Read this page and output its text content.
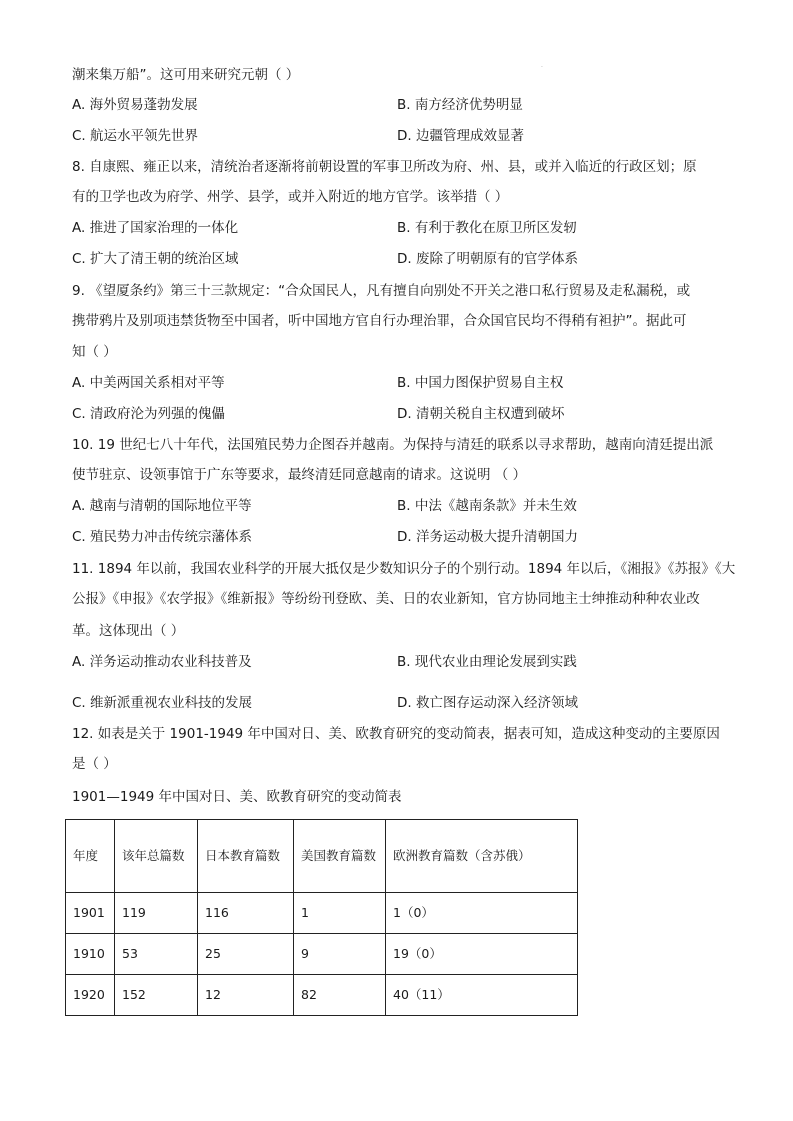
·
潮来集万船”。这可用来研究元朝（ ）
A. 海外贸易蓬勃发展	B. 南方经济优势明显
C. 航运水平领先世界	D. 边疆管理成效显著
8. 自康熙、雍正以来，清统治者逐渐将前朝设置的军事卫所改为府、州、县，或并入临近的行政区划；原
有的卫学也改为府学、州学、县学，或并入附近的地方官学。该举措（ ）
A. 推进了国家治理的一体化	B. 有利于教化在原卫所区发轫
C. 扩大了清王朝的统治区域	D. 废除了明朝原有的官学体系
9. 《望厦条约》第三十三款规定：“合众国民人，凡有擅自向别处不开关之港口私行贸易及走私漏税，或
携带鸦片及别项违禁货物至中国者，听中国地方官自行办理治罪，合众国官民均不得稍有袒护”。据此可
知（ ）
A. 中美两国关系相对平等	B. 中国力图保护贸易自主权
C. 清政府沦为列强的傀儡	D. 清朝关税自主权遭到破坏
10. 19 世纪七八十年代，法国殖民势力企图吞并越南。为保持与清廷的联系以寻求帮助，越南向清廷提出派
使节驻京、设领事馆于广东等要求，最终清廷同意越南的请求。这说明 （ ）
A. 越南与清朝的国际地位平等	B. 中法《越南条款》并未生效
C. 殖民势力冲击传统宗藩体系	D. 洋务运动极大提升清朝国力
11. 1894 年以前，我国农业科学的开展大抵仅是少数知识分子的个别行动。1894 年以后，《湘报》《苏报》《大
公报》《申报》《农学报》《维新报》等纷纷刊登欧、美、日的农业新知，官方协同地主士绅推动种种农业改
革。这体现出（ ）
A. 洋务运动推动农业科技普及	B. 现代农业由理论发展到实践
C. 维新派重视农业科技的发展	D. 救亡图存运动深入经济领域
12. 如表是关于 1901-1949 年中国对日、美、欧教育研究的变动简表，据表可知，造成这种变动的主要原因
是（ ）
1901—1949 年中国对日、美、欧教育研究的变动简表
年度	该年总篇数	日本教育篇数	美国教育篇数	欧洲教育篇数（含苏俄）
1901	119	116	1	1（0）
1910	53	25	9	19（0）
1920	152	12	82	40（11）
